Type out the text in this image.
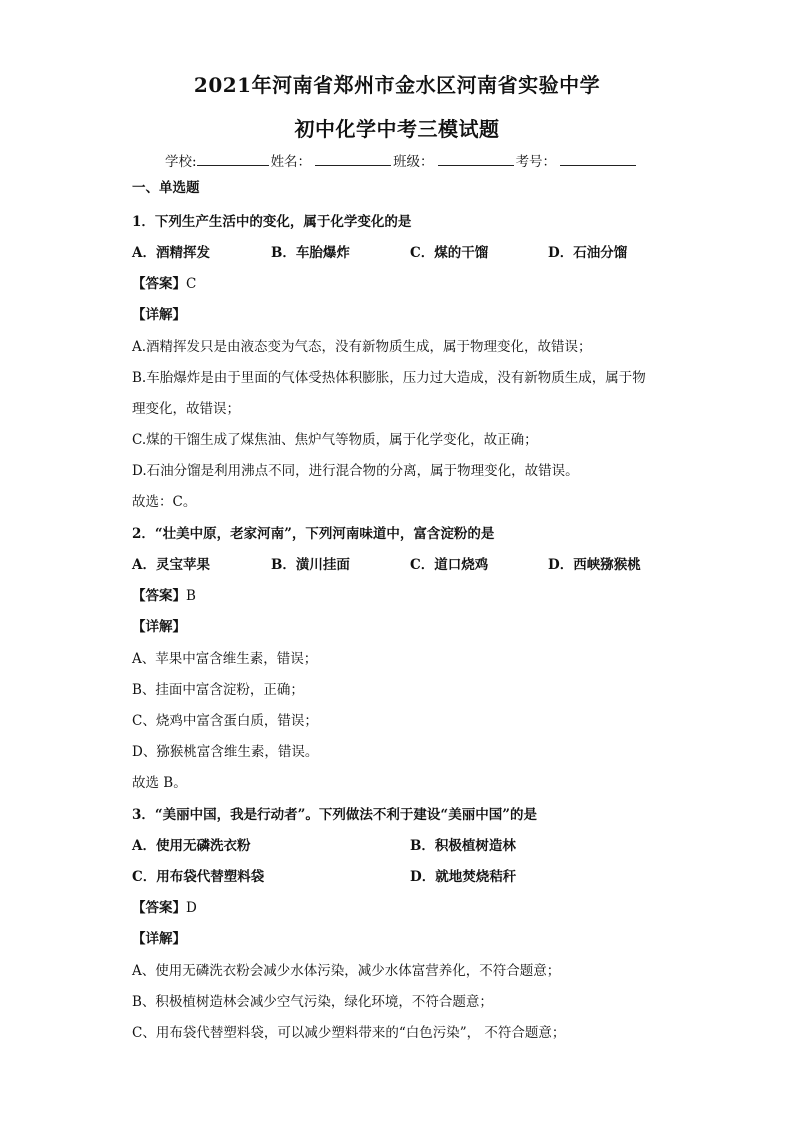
2021年河南省郑州市金水区河南省实验中学
初中化学中考三模试题
学校:	姓名：	班级：	考号：
一、单选题
1．下列生产生活中的变化，属于化学变化的是
A．酒精挥发	B．车胎爆炸	C．煤的干馏	D．石油分馏
【答案】C
【详解】
A.酒精挥发只是由液态变为气态，没有新物质生成，属于物理变化，故错误；
B.车胎爆炸是由于里面的气体受热体积膨胀，压力过大造成，没有新物质生成，属于物
理变化，故错误；
C.煤的干馏生成了煤焦油、焦炉气等物质，属于化学变化，故正确；
D.石油分馏是利用沸点不同，进行混合物的分离，属于物理变化，故错误。
故选：C。
2．“壮美中原，老家河南”，下列河南味道中，富含淀粉的是
A．灵宝苹果	B．潢川挂面	C．道口烧鸡	D．西峡猕猴桃
【答案】B
【详解】
A、苹果中富含维生素，错误；
B、挂面中富含淀粉，正确；
C、烧鸡中富含蛋白质，错误；
D、猕猴桃富含维生素，错误。
故选 B。
3．“美丽中国，我是行动者”。下列做法不利于建设“美丽中国”的是
A．使用无磷洗衣粉	B．积极植树造林
C．用布袋代替塑料袋	D．就地焚烧秸秆
【答案】D
【详解】
A、使用无磷洗衣粉会减少水体污染，减少水体富营养化，不符合题意；
B、积极植树造林会减少空气污染，绿化环境，不符合题意；
C、用布袋代替塑料袋，可以减少塑料带来的“白色污染”， 不符合题意；
